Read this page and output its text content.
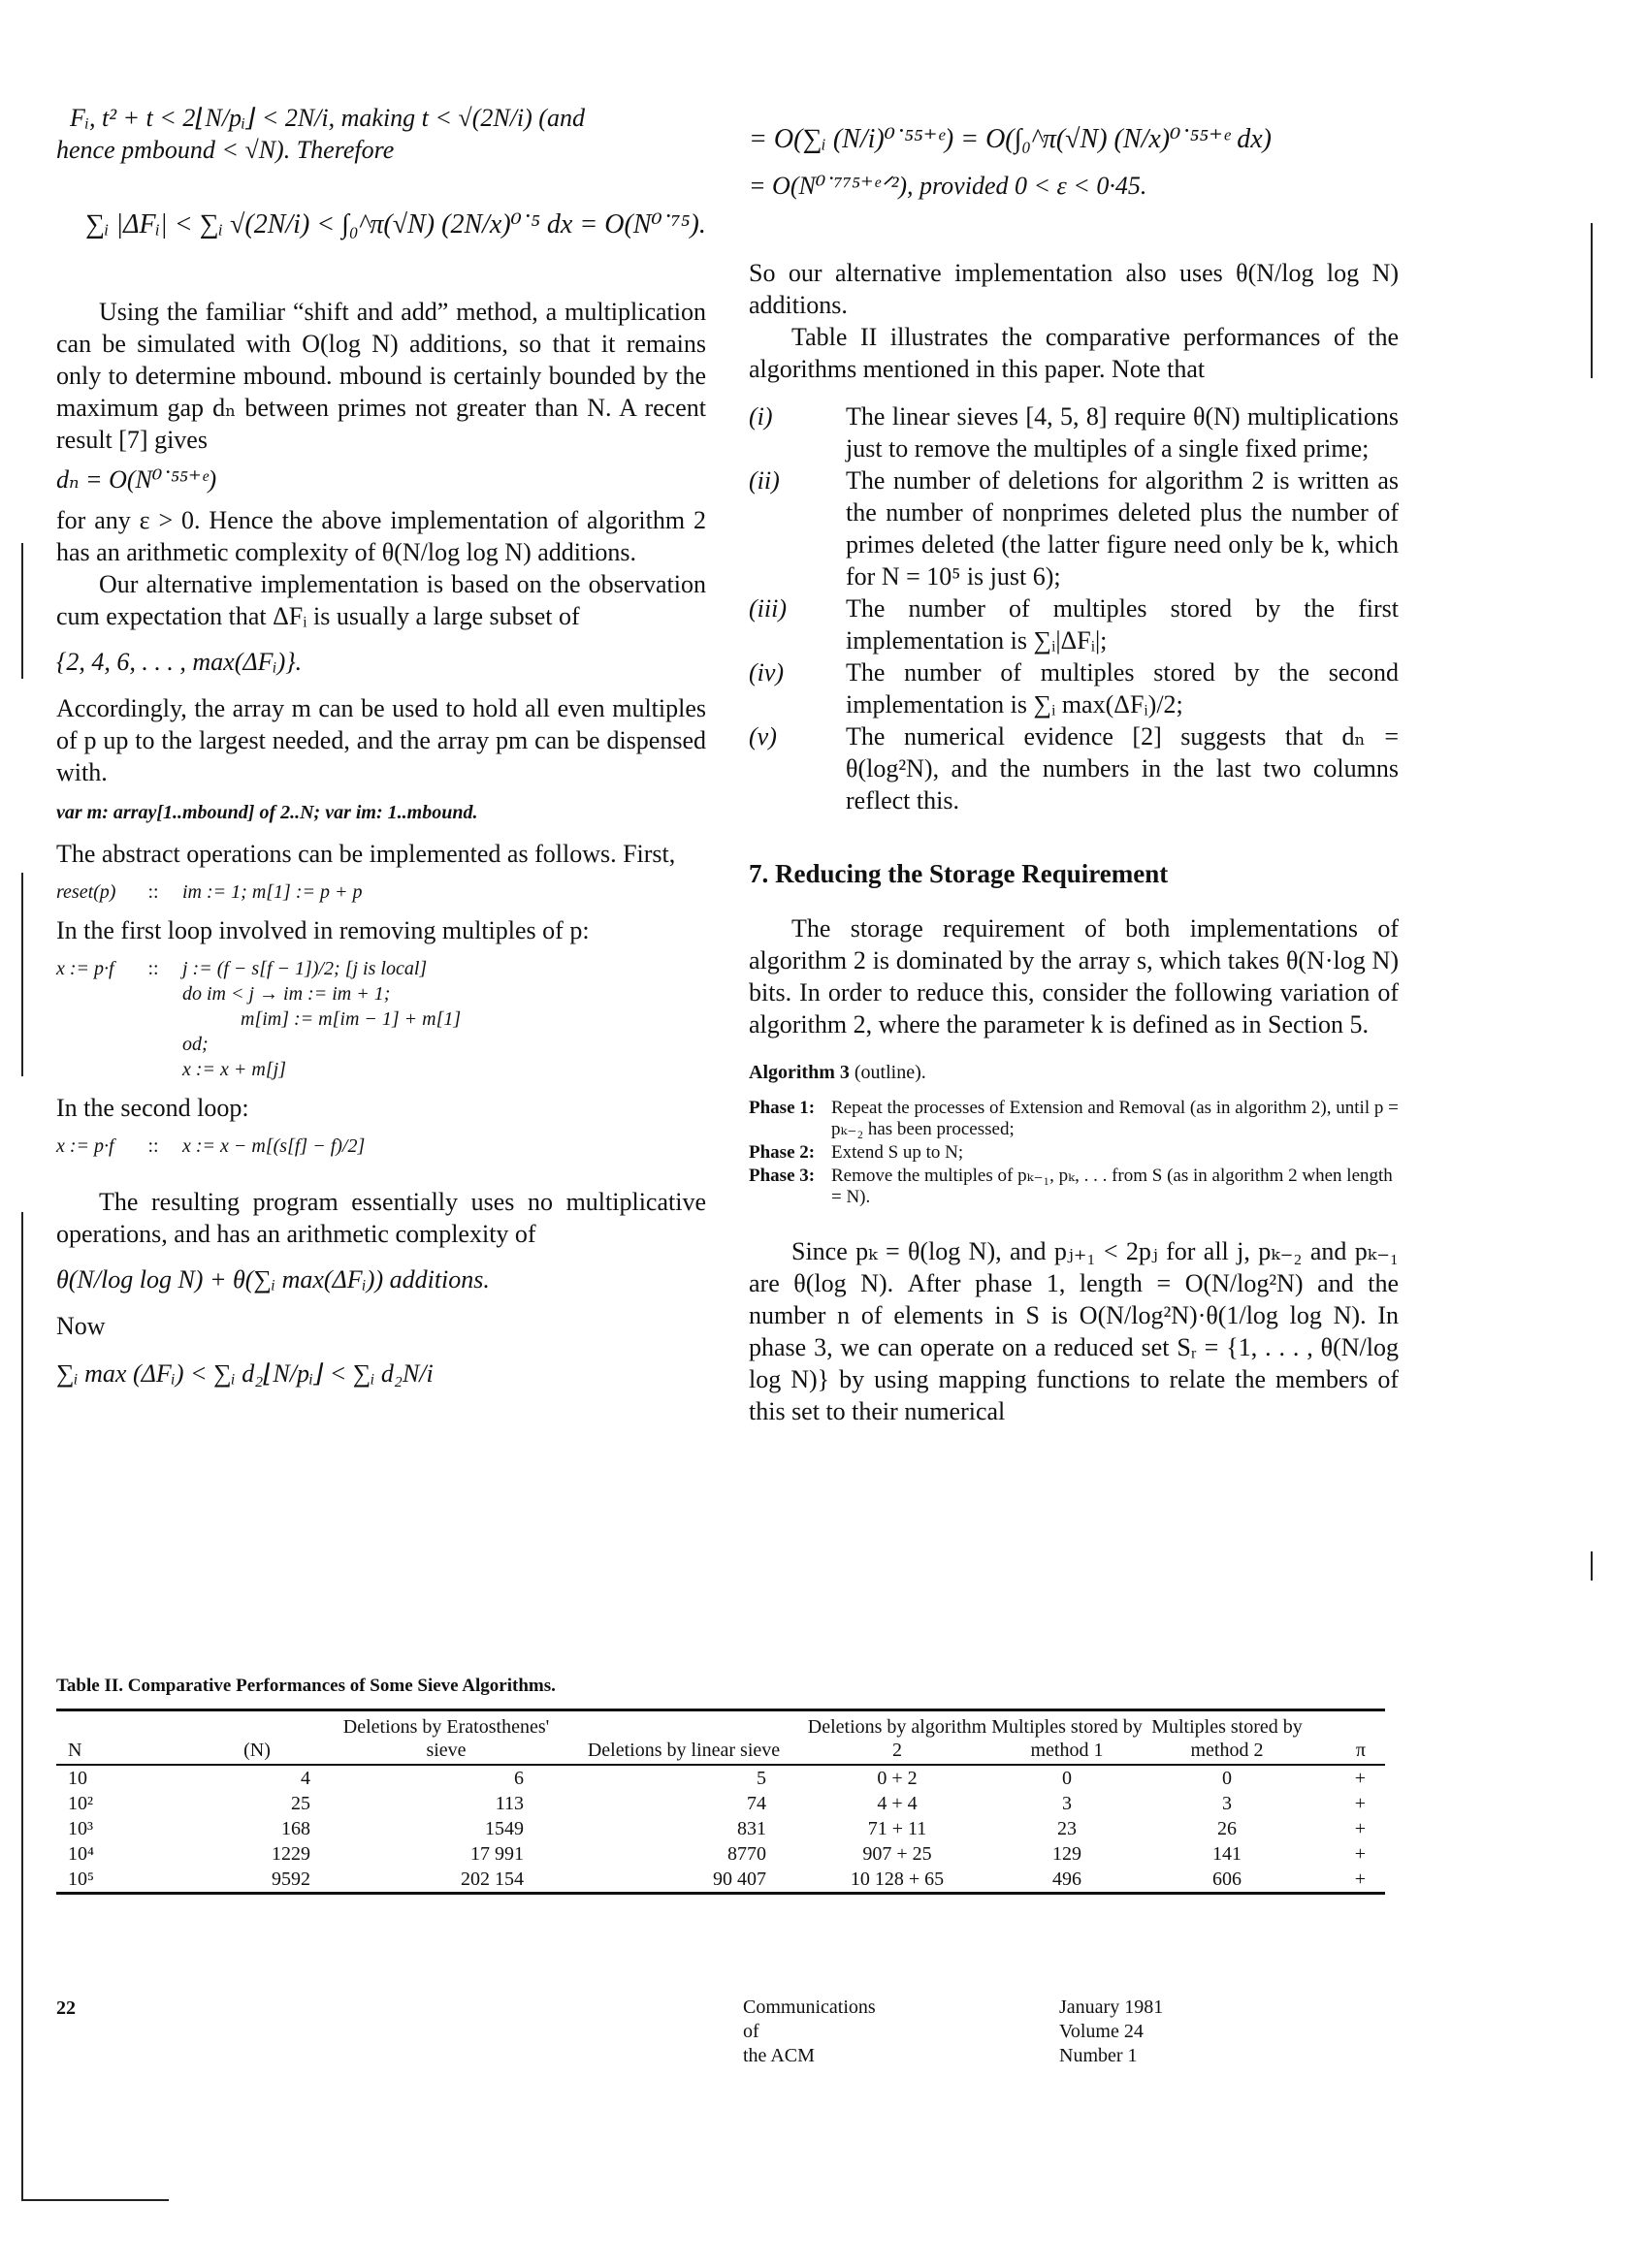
Fᵢ, t² + t < 2⌊N/pᵢ⌋ < 2N/i, making t < √(2N/i) (and

hence pmbound < √N). Therefore

∑ᵢ |ΔFᵢ| < ∑ᵢ √(2N/i) < ∫₀^π(√N) (2N/x)⁰˙⁵ dx = O(N⁰˙⁷⁵).

Using the familiar “shift and add” method, a multiplication can be simulated with O(log N) additions, so that it remains only to determine mbound. mbound is certainly bounded by the maximum gap dₙ between primes not greater than N. A recent result [7] gives

dₙ = O(N⁰˙⁵⁵⁺ᵉ)

for any ε > 0. Hence the above implementation of algorithm 2 has an arithmetic complexity of θ(N/log log N) additions.

Our alternative implementation is based on the observation cum expectation that ΔFᵢ is usually a large subset of

{2, 4, 6, . . . , max(ΔFᵢ)}.

Accordingly, the array m can be used to hold all even multiples of p up to the largest needed, and the array pm can be dispensed with.

var m: array[1..mbound] of 2..N; var im: 1..mbound.

The abstract operations can be implemented as follows. First,

reset(p) :: im := 1; m[1] := p + p

In the first loop involved in removing multiples of p:

x := p·f :: j := (f − s[f − 1])/2; [j is local]
do im < j → im := im + 1;
m[im] := m[im − 1] + m[1]
od;
x := x + m[j]

In the second loop:

x := p·f :: x := x − m[(s[f] − f)/2]

The resulting program essentially uses no multiplicative operations, and has an arithmetic complexity of

θ(N/log log N) + θ(∑ᵢ max(ΔFᵢ)) additions.

Now

∑ᵢ max (ΔFᵢ) < ∑ᵢ d₂⌊N/pᵢ⌋ < ∑ᵢ d₂N/i
= O(∑ᵢ (N/i)⁰˙⁵⁵⁺ᵉ) = O(∫₀^π(√N) (N/x)⁰˙⁵⁵⁺ᵉ dx)
= O(N⁰˙⁷⁷⁵⁺ᵉᐟ²), provided 0 < ε < 0·45.

So our alternative implementation also uses θ(N/log log N) additions.

Table II illustrates the comparative performances of the algorithms mentioned in this paper. Note that

(i)	The linear sieves [4, 5, 8] require θ(N) multiplications just to remove the multiples of a single fixed prime;
(ii)	The number of deletions for algorithm 2 is written as the number of nonprimes deleted plus the number of primes deleted (the latter figure need only be k, which for N = 10⁵ is just 6);
(iii)	The number of multiples stored by the first implementation is ∑ᵢ|ΔFᵢ|;
(iv)	The number of multiples stored by the second implementation is ∑ᵢ max(ΔFᵢ)/2;
(v)	The numerical evidence [2] suggests that dₙ = θ(log²N), and the numbers in the last two columns reflect this.
7. Reducing the Storage Requirement

The storage requirement of both implementations of algorithm 2 is dominated by the array s, which takes θ(N·log N) bits. In order to reduce this, consider the following variation of algorithm 2, where the parameter k is defined as in Section 5.

Algorithm 3 (outline).
Phase 1: Repeat the processes of Extension and Removal (as in algorithm 2), until p = pₖ₋₂ has been processed;
Phase 2: Extend S up to N;
Phase 3: Remove the multiples of pₖ₋₁, pₖ, . . . from S (as in algorithm 2 when length = N).

Since pₖ = θ(log N), and pⱼ₊₁ < 2pⱼ for all j, pₖ₋₂ and pₖ₋₁ are θ(log N). After phase 1, length = O(N/log²N) and the number n of elements in S is O(N/log²N)·θ(1/log log N). In phase 3, we can operate on a reduced set Sᵣ = {1, . . . , θ(N/log log N)} by using mapping functions to relate the members of this set to their numerical

Table II. Comparative Performances of Some Sieve Algorithms.
N	(N)	Deletions by Eratosthenes' sieve	Deletions by linear sieve	Deletions by algorithm 2	Multiples stored by method 1	Multiples stored by method 2	π
10	4	6	5	0 + 2	0	0	+
10²	25	113	74	4 + 4	3	3	+
10³	168	1549	831	71 + 11	23	26	+
10⁴	1229	17 991	8770	907 + 25	129	141	+
10⁵	9592	202 154	90 407	10 128 + 65	496	606	+
22	Communications
of
the ACM
January 1981
Volume 24
Number 1
